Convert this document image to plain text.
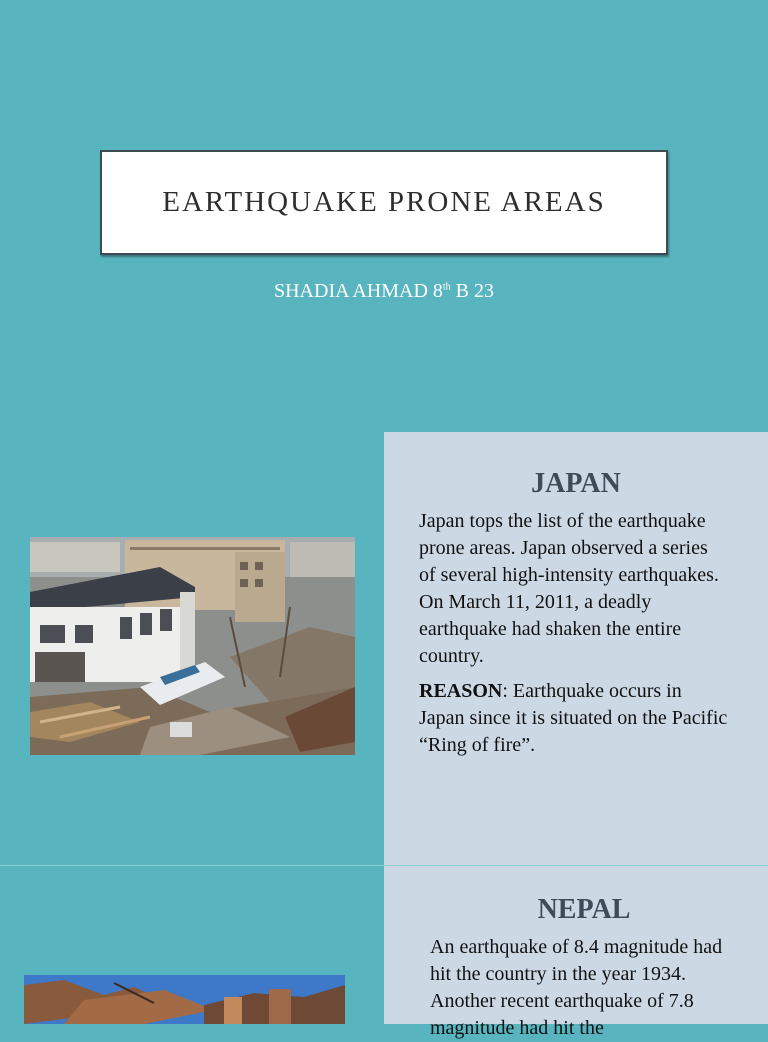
EARTHQUAKE PRONE AREAS
SHADIA AHMAD 8th B 23
JAPAN

Japan tops the list of the earthquake prone areas. Japan observed a series of several high-intensity earthquakes. On March 11, 2011, a deadly earthquake had shaken the entire country.

REASON: Earthquake occurs in Japan since it is situated on the Pacific “Ring of fire”.

NEPAL

An earthquake of 8.4 magnitude had hit the country in the year 1934. Another recent earthquake of 7.8 magnitude had hit the
